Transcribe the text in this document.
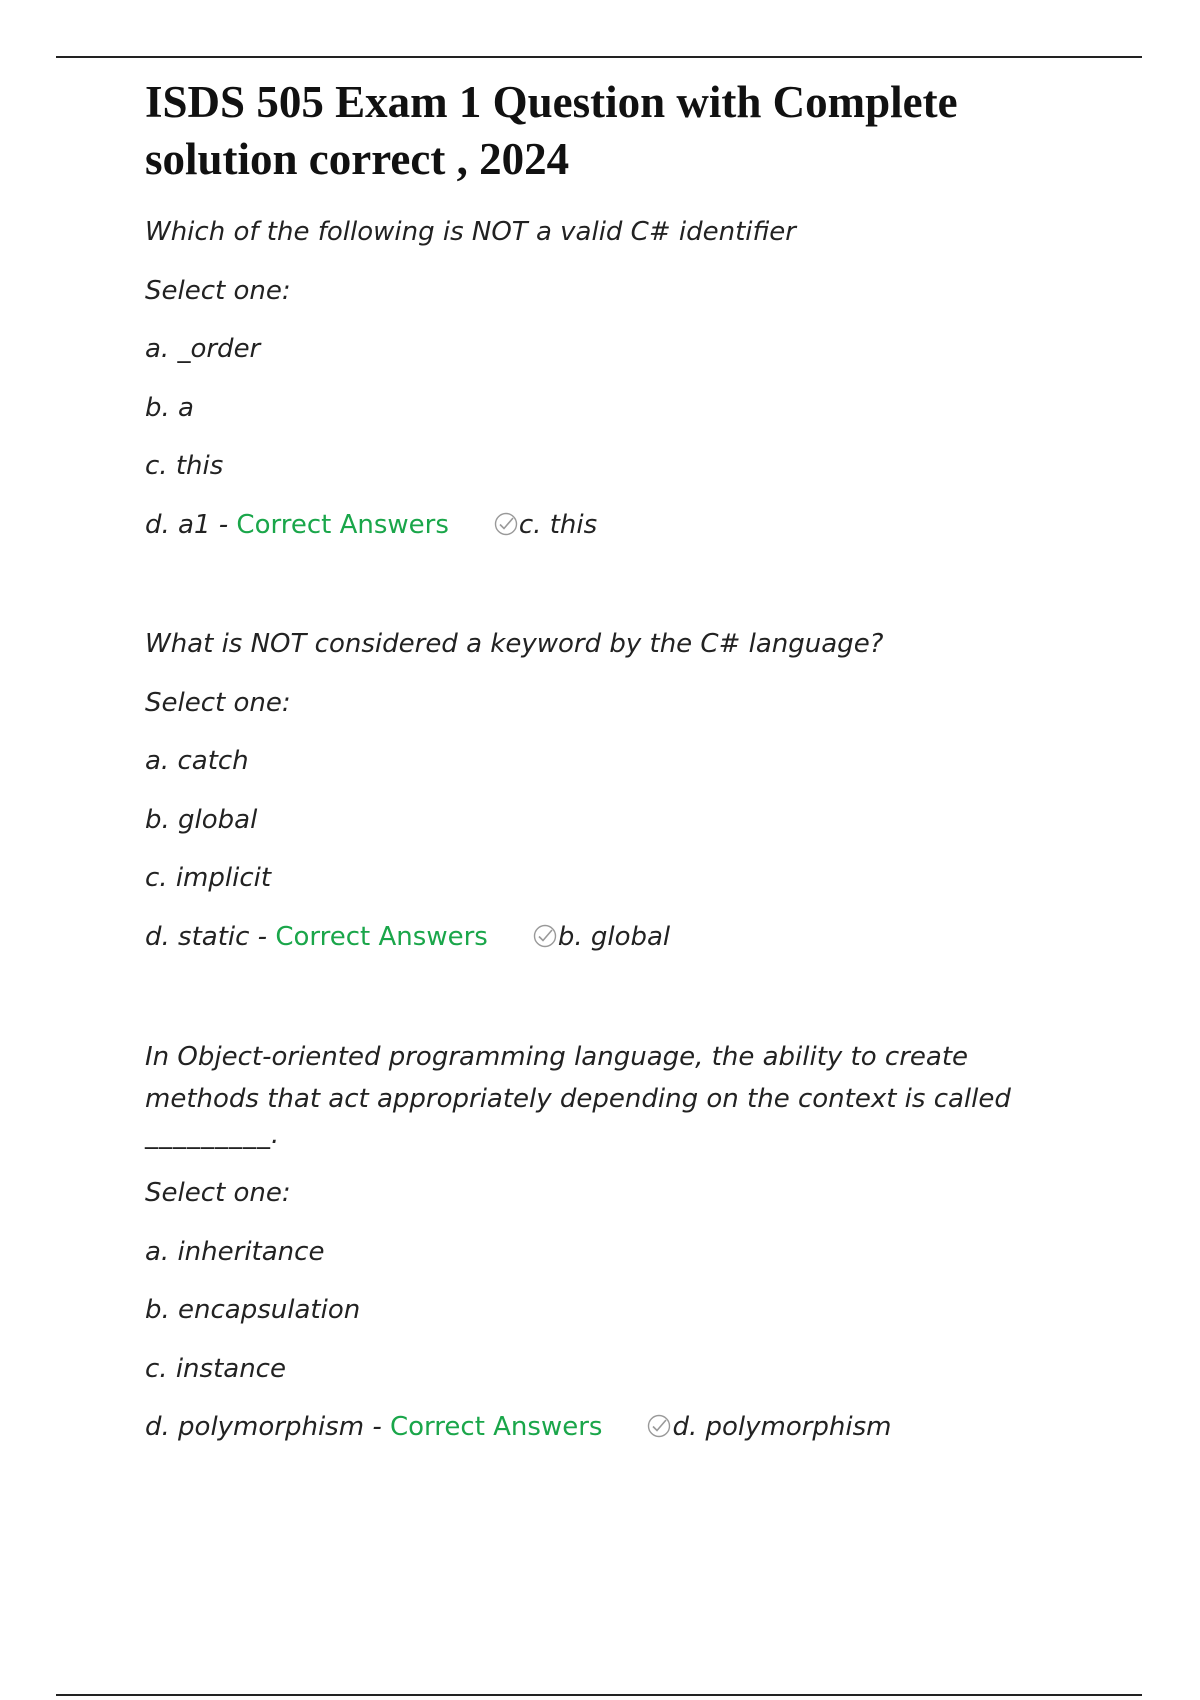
ISDS 505 Exam 1 Question with Complete
solution correct , 2024
Which of the following is NOT a valid C# identifier
Select one:
a. _order
b. a
c. this
d. a1 - Correct Answers	c. this
What is NOT considered a keyword by the C# language?
Select one:
a. catch
b. global
c. implicit
d. static - Correct Answers	b. global
In Object-oriented programming language, the ability to create methods that act appropriately depending on the context is called
_________.
Select one:
a. inheritance
b. encapsulation
c. instance
d. polymorphism - Correct Answers	d. polymorphism
